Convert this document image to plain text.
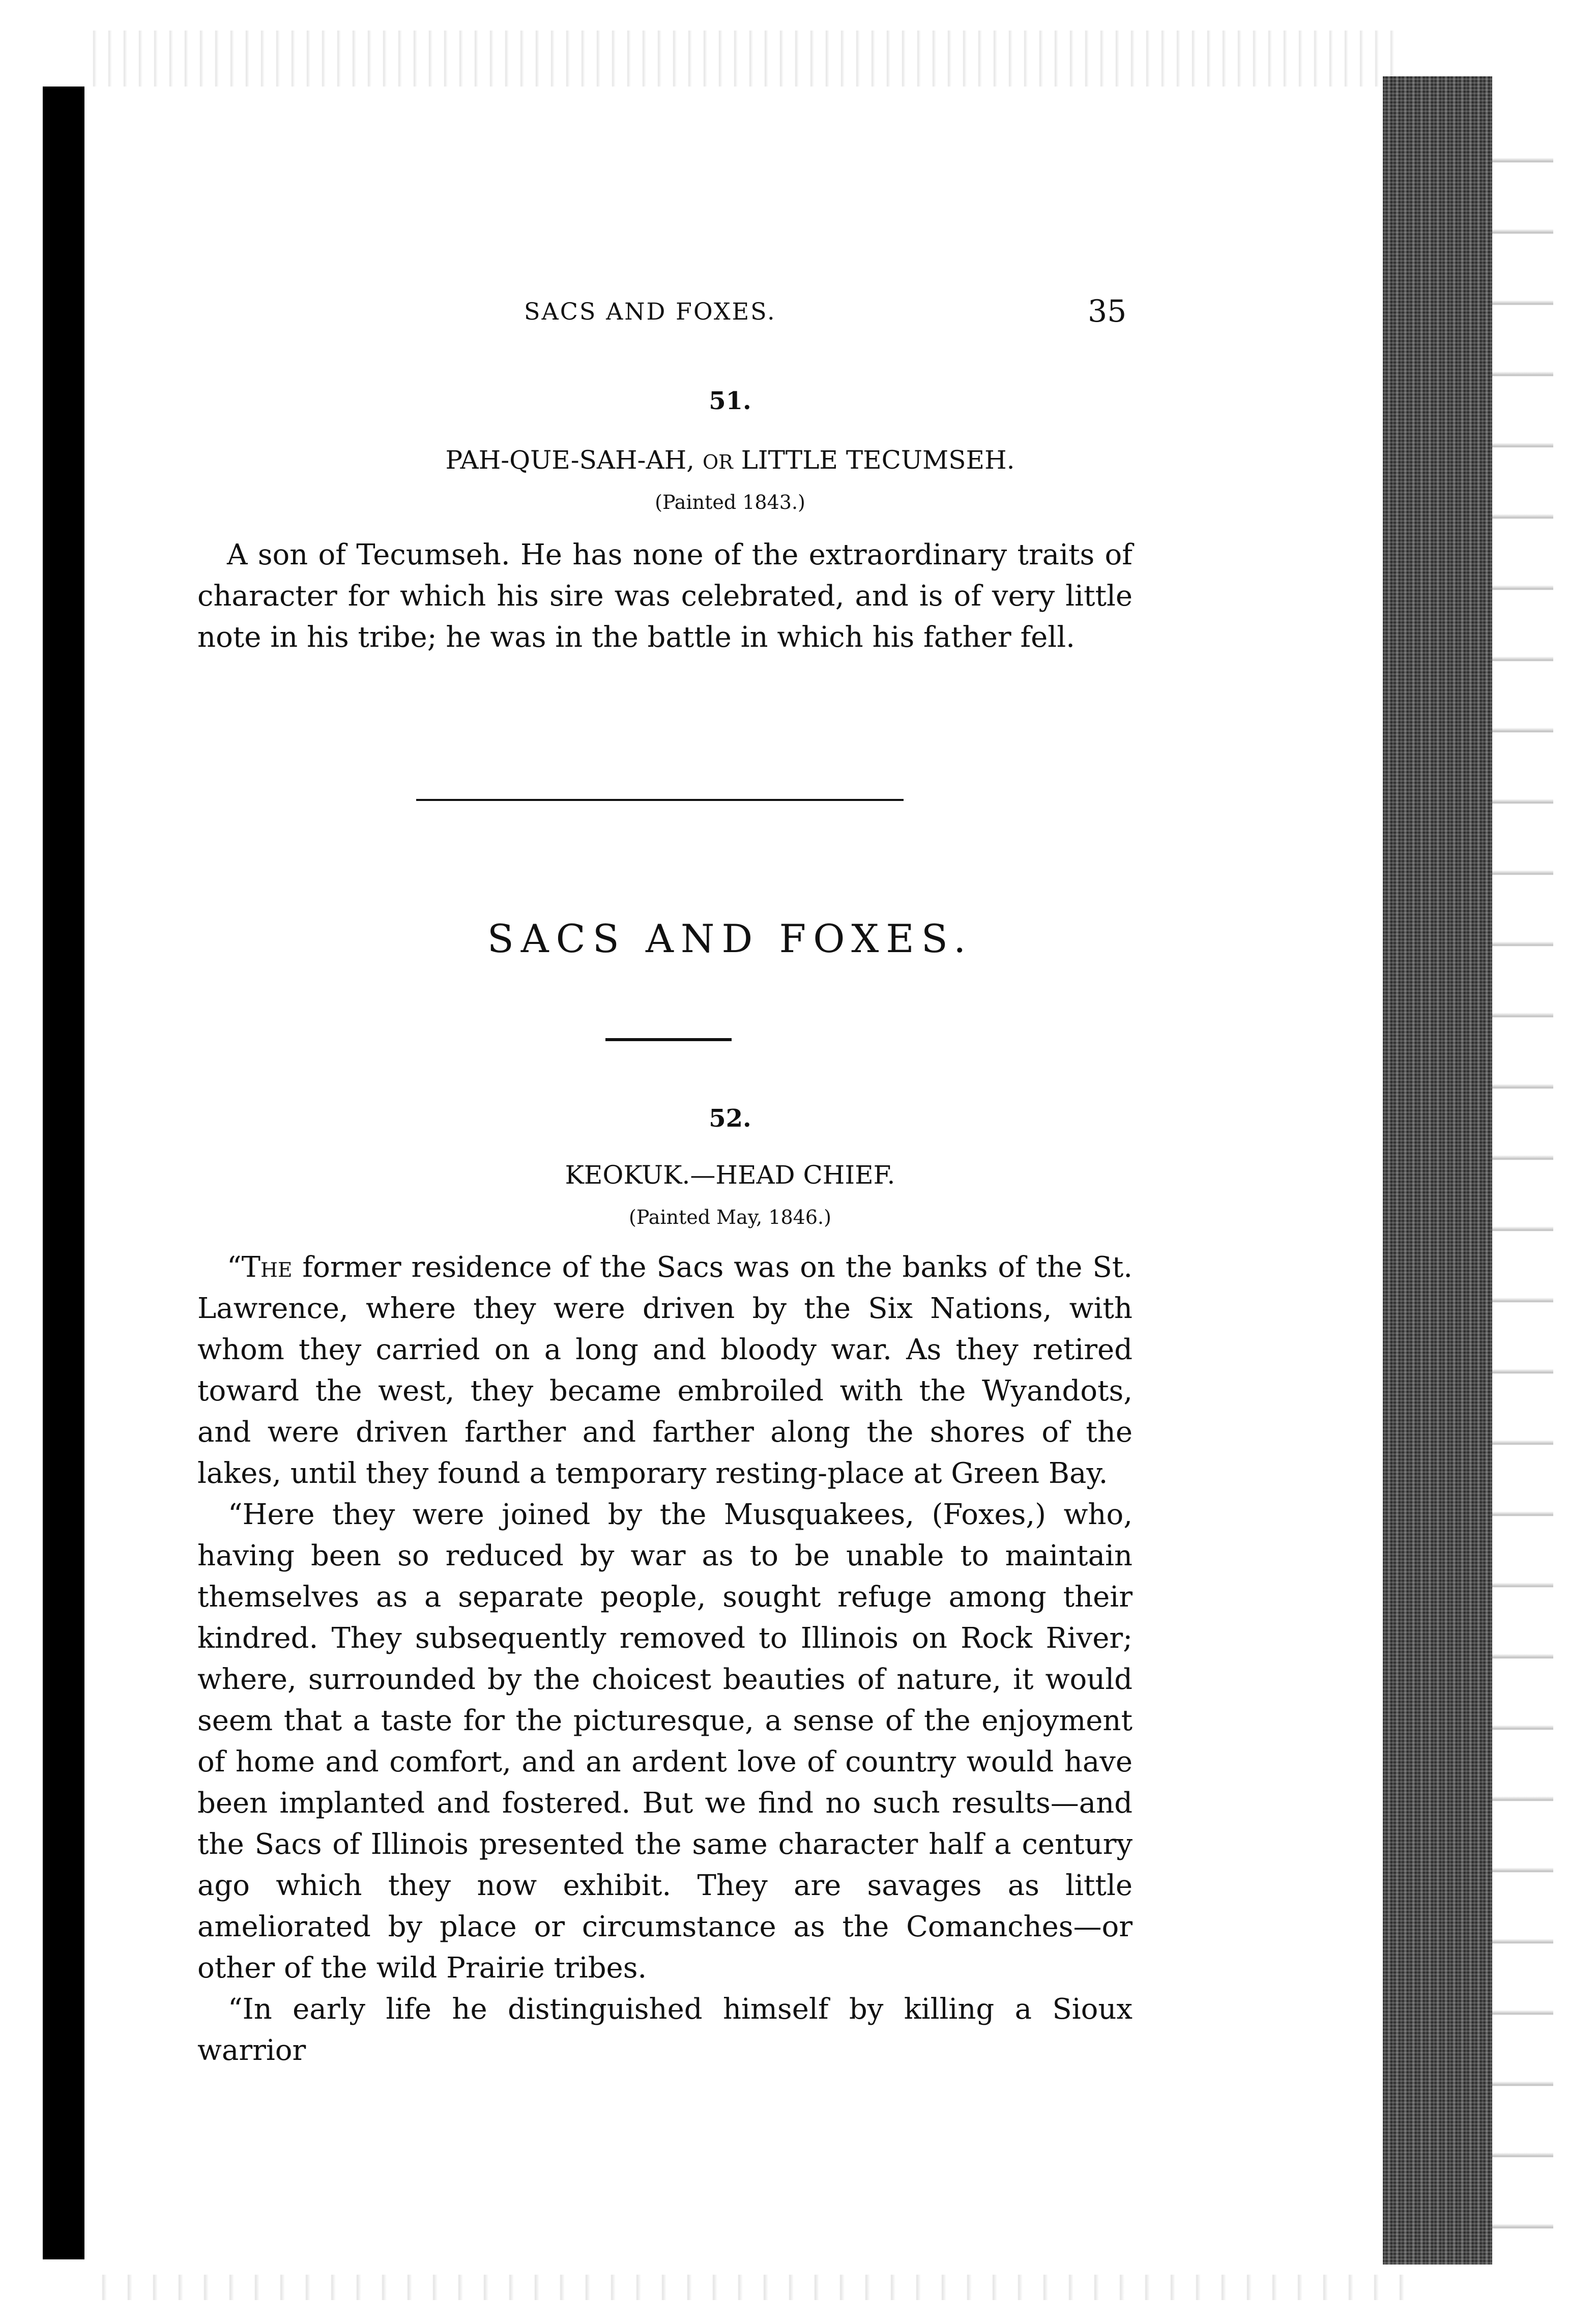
SACS AND FOXES.	35
51.
PAH-QUE-SAH-AH, OR LITTLE TECUMSEH.
(Painted 1843.)

A son of Tecumseh. He has none of the extraordinary traits of character for which his sire was celebrated, and is of very little note in his tribe; he was in the battle in which his father fell.

SACS AND FOXES.
52.
KEOKUK.—HEAD CHIEF.
(Painted May, 1846.)

“The former residence of the Sacs was on the banks of the St. Lawrence, where they were driven by the Six Nations, with whom they carried on a long and bloody war. As they retired toward the west, they became embroiled with the Wyandots, and were driven farther and farther along the shores of the lakes, until they found a temporary resting-place at Green Bay.

“Here they were joined by the Musquakees, (Foxes,) who, having been so reduced by war as to be unable to maintain themselves as a separate people, sought refuge among their kindred. They subsequently removed to Illinois on Rock River; where, surrounded by the choicest beauties of nature, it would seem that a taste for the picturesque, a sense of the enjoyment of home and comfort, and an ardent love of country would have been implanted and fostered. But we find no such results—and the Sacs of Illinois presented the same character half a century ago which they now exhibit. They are savages as little ameliorated by place or circumstance as the Comanches—or other of the wild Prairie tribes.

“In early life he distinguished himself by killing a Sioux warrior
